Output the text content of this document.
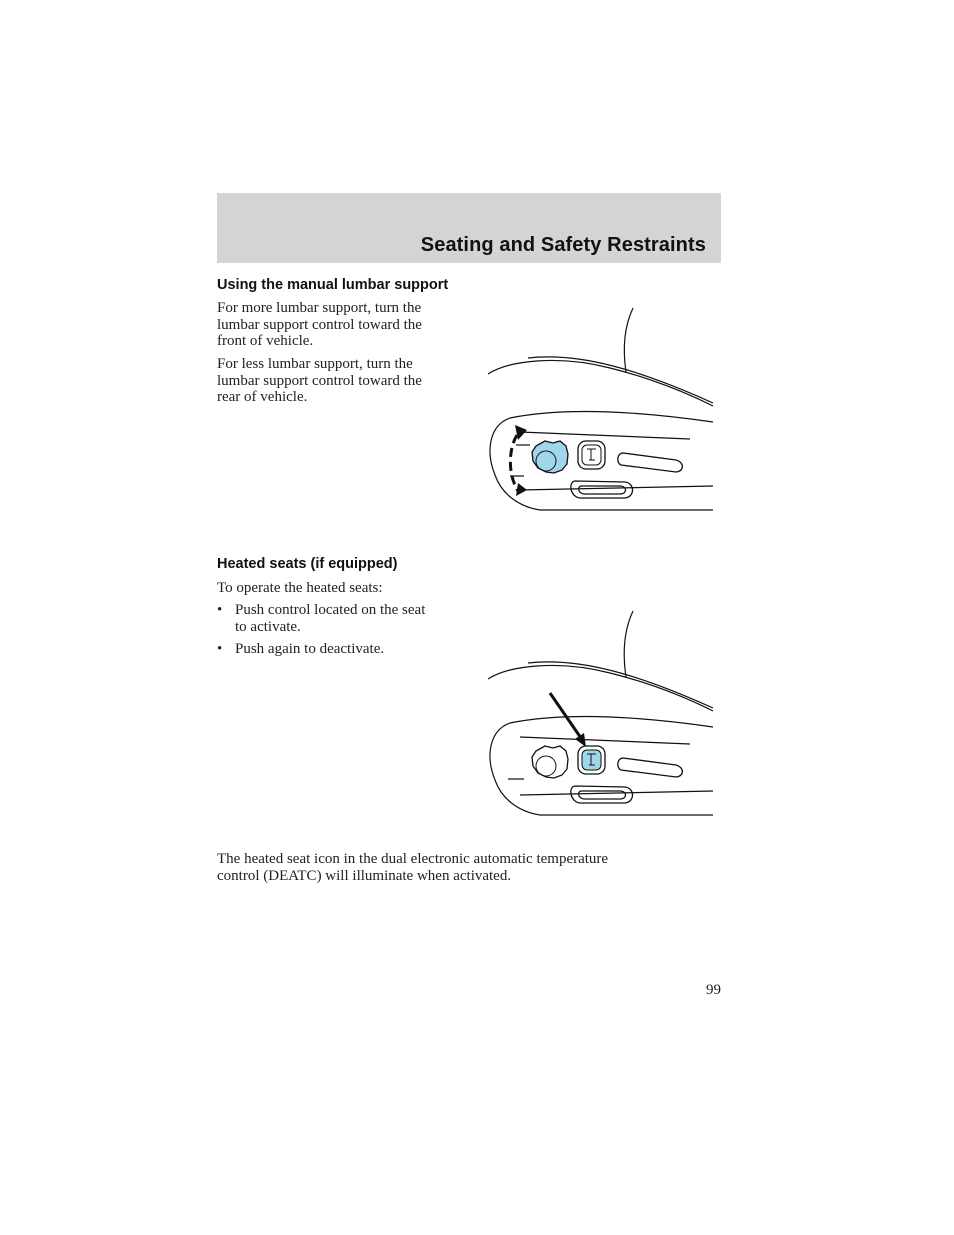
Seating and Safety Restraints
Using the manual lumbar support
For more lumbar support, turn the
lumbar support control toward the
front of vehicle.
For less lumbar support, turn the
lumbar support control toward the
rear of vehicle.
Heated seats (if equipped)
To operate the heated seats:
• Push control located on the seat
to activate.
• Push again to deactivate.
The heated seat icon in the dual electronic automatic temperature
control (DEATC) will illuminate when activated.
99
